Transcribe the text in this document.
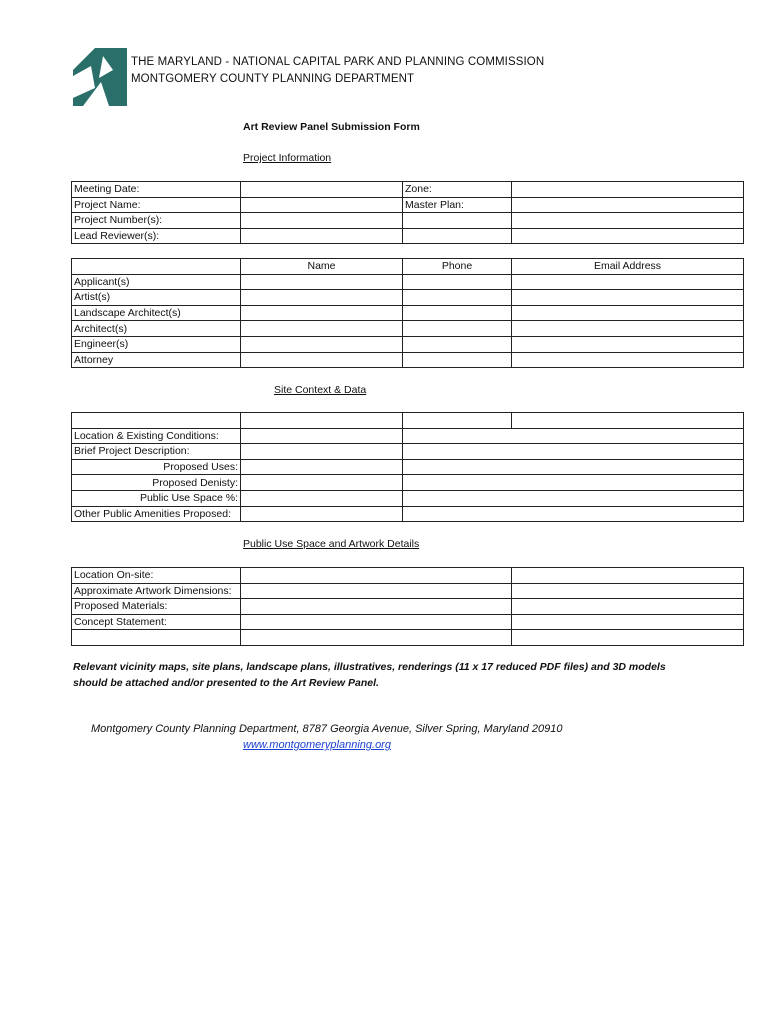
THE MARYLAND - NATIONAL CAPITAL PARK AND PLANNING COMMISSION
MONTGOMERY COUNTY PLANNING DEPARTMENT
Art Review Panel Submission Form
Project Information
Meeting Date:		Zone:	
Project Name:		Master Plan:	
Project Number(s):			
Lead Reviewer(s):			
	Name	Phone	Email Address
Applicant(s)			
Artist(s)			
Landscape Architect(s)			
Architect(s)			
Engineer(s)			
Attorney			
Site Context & Data

Location & Existing Conditions:			
Brief Project Description:			
Proposed Uses:			
Proposed Denisty:			
Public Use Space %:			
Other Public Amenities Proposed:			
Public Use Space and Artwork Details
Location On-site:		
Approximate Artwork Dimensions:		
Proposed Materials:		
Concept Statement:		

Relevant vicinity maps, site plans, landscape plans, illustratives, renderings (11 x 17 reduced PDF files) and 3D models
should be attached and/or presented to the Art Review Panel.
Montgomery County Planning Department, 8787 Georgia Avenue, Silver Spring, Maryland 20910
www.montgomeryplanning.org
